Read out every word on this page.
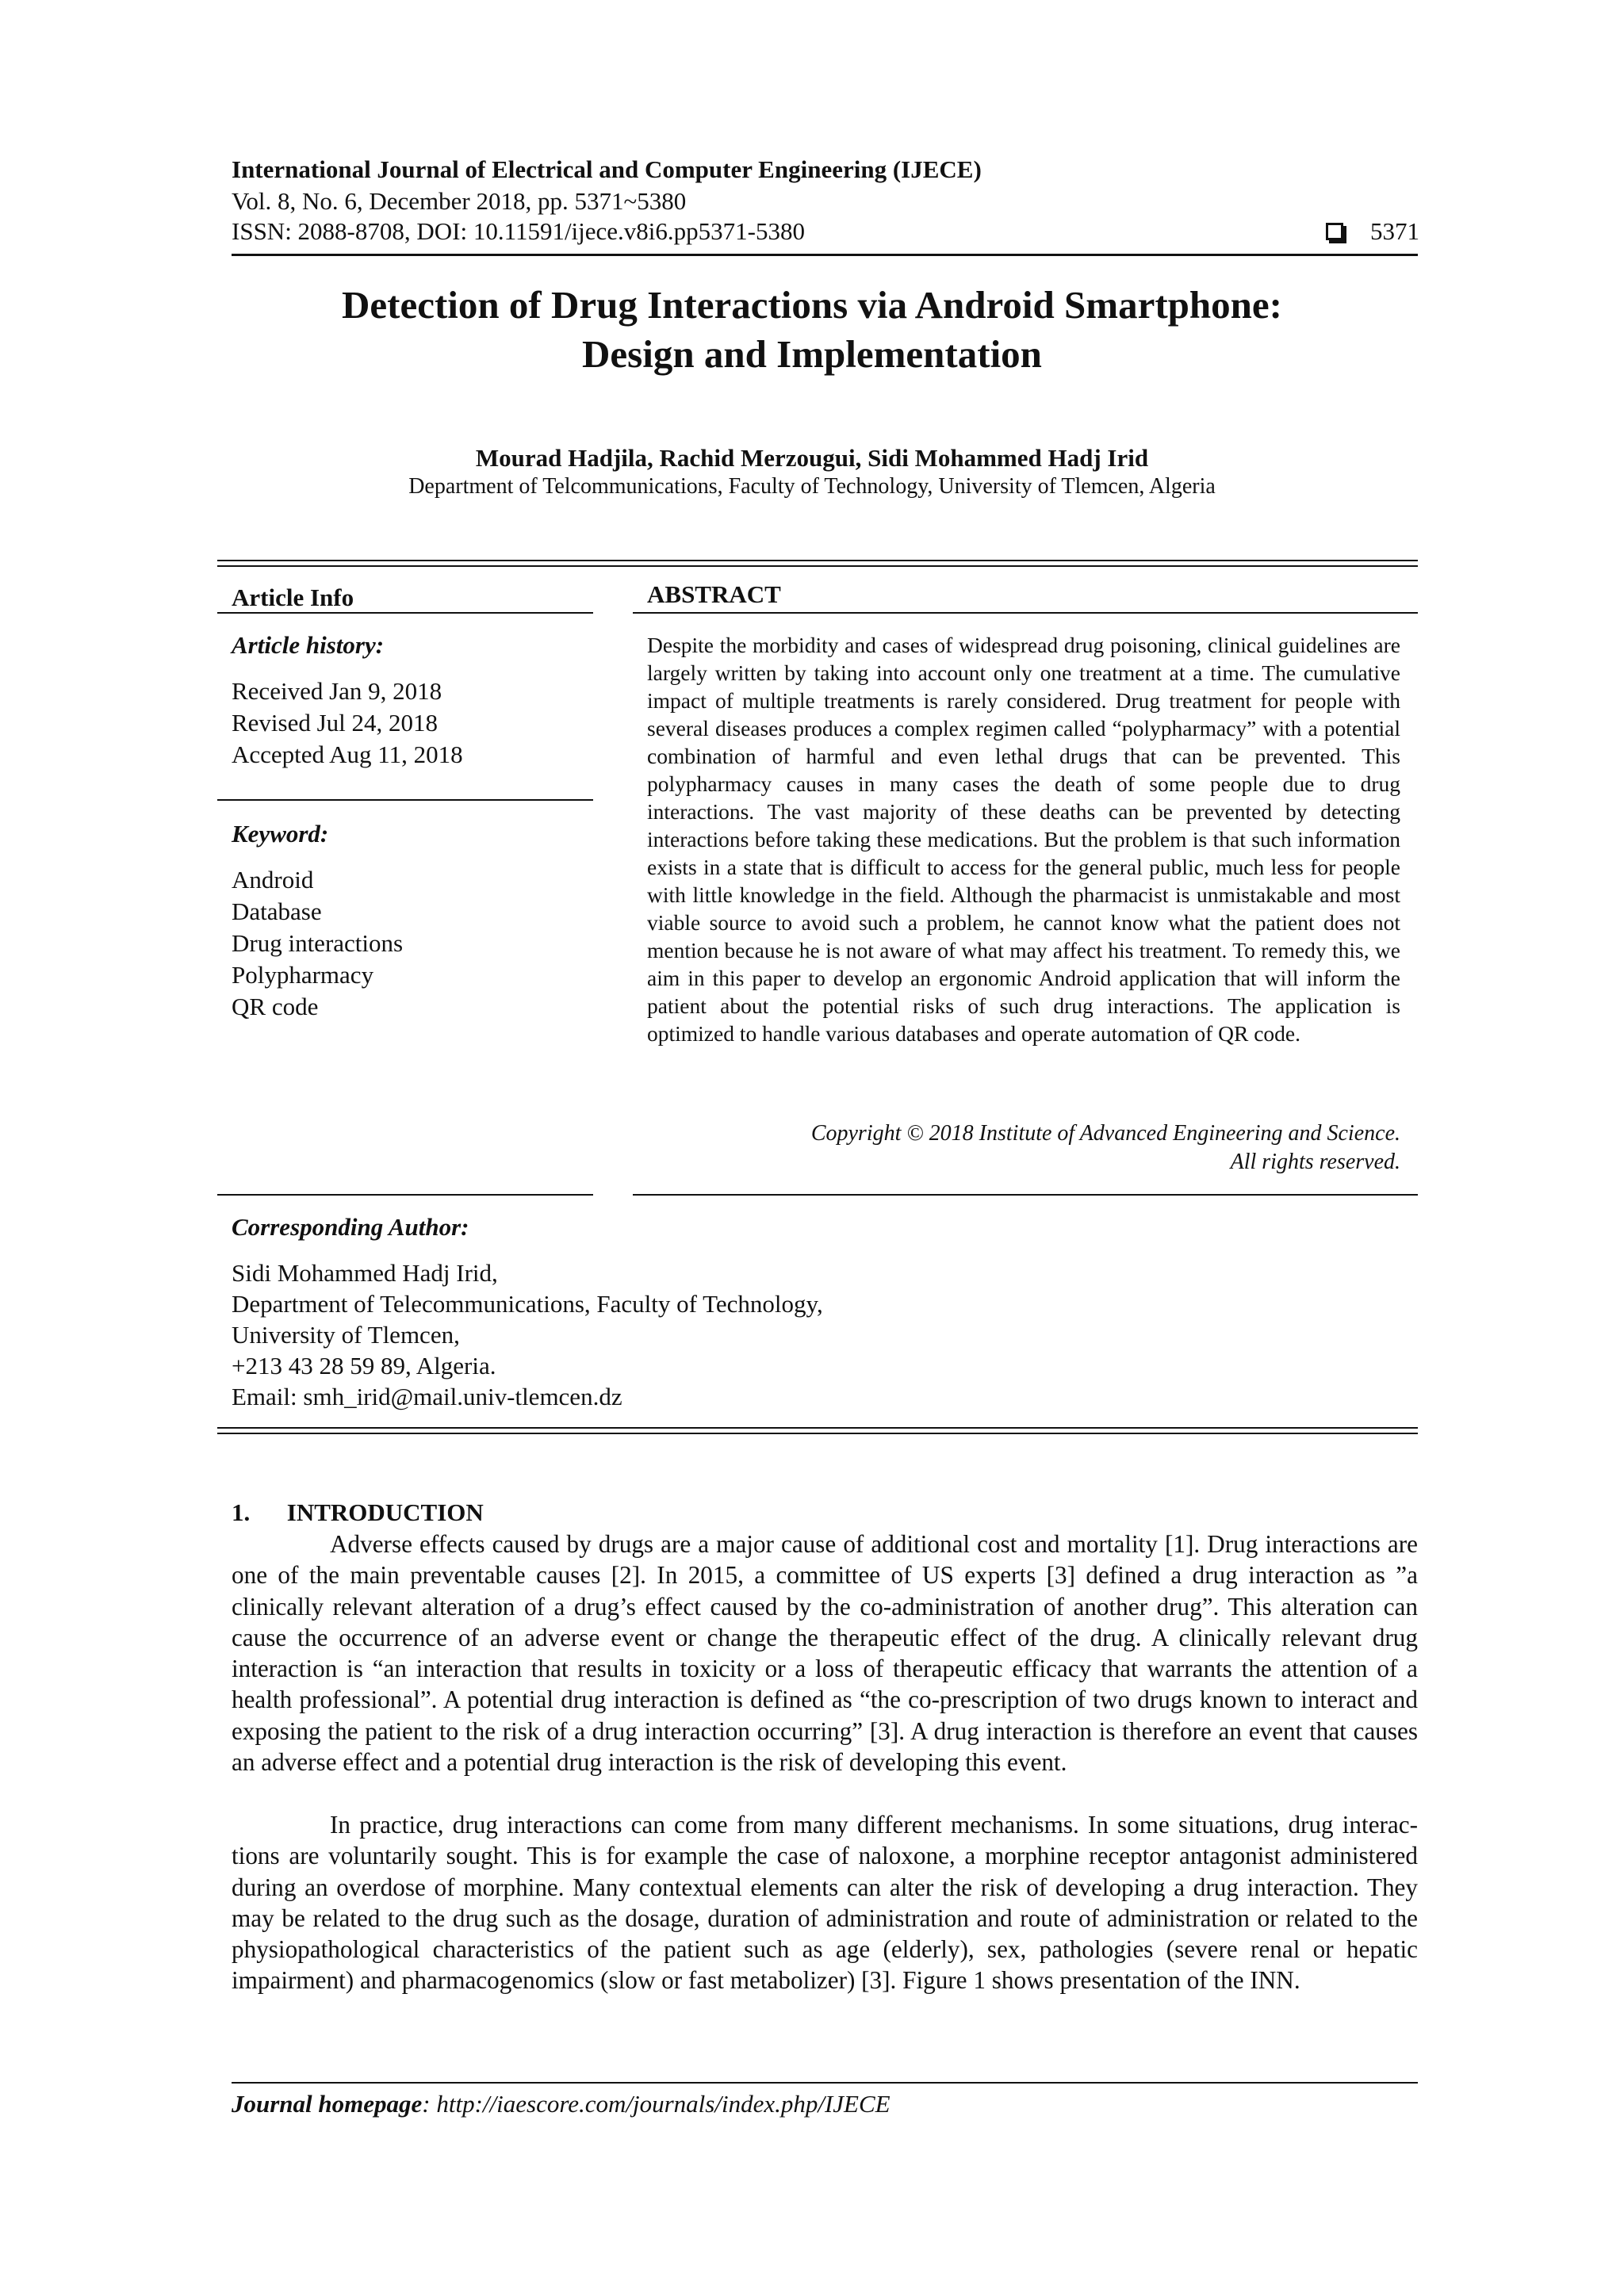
International Journal of Electrical and Computer Engineering (IJECE)
Vol. 8, No. 6, December 2018, pp. 5371~5380
ISSN: 2088-8708, DOI: 10.11591/ijece.v8i6.pp5371-5380	5371
Detection of Drug Interactions via Android Smartphone:
Design and Implementation
Mourad Hadjila, Rachid Merzougui, Sidi Mohammed Hadj Irid
Department of Telcommunications, Faculty of Technology, University of Tlemcen, Algeria
Article Info
Article history:
Received Jan 9, 2018
Revised Jul 24, 2018
Accepted Aug 11, 2018
Keyword:
Android
Database
Drug interactions
Polypharmacy
QR code
ABSTRACT

Despite the morbidity and cases of widespread drug poisoning, clinical guidelines are largely written by taking into account only one treatment at a time. The cumulative impact of multiple treatments is rarely considered. Drug treatment for people with several diseases produces a complex regimen called “polypharmacy” with a potential combination of harmful and even lethal drugs that can be prevented. This polypharmacy causes in many cases the death of some people due to drug interactions. The vast majority of these deaths can be prevented by detecting interactions before taking these medications. But the problem is that such information exists in a state that is difficult to access for the general public, much less for people with little knowledge in the field. Although the pharmacist is unmistakable and most viable source to avoid such a problem, he cannot know what the patient does not mention because he is not aware of what may affect his treatment. To remedy this, we aim in this paper to develop an ergonomic Android application that will inform the patient about the potential risks of such drug interactions. The application is optimized to handle various databases and operate automation of QR code.

Copyright © 2018 Institute of Advanced Engineering and Science.
All rights reserved.
Corresponding Author:
Sidi Mohammed Hadj Irid,
Department of Telecommunications, Faculty of Technology,
University of Tlemcen,
+213 43 28 59 89, Algeria.
Email: smh_irid@mail.univ-tlemcen.dz
1.      INTRODUCTION

Adverse effects caused by drugs are a major cause of additional cost and mortality [1]. Drug interactions are one of the main preventable causes [2]. In 2015, a committee of US experts [3] defined a drug interaction as ”a clinically relevant alteration of a drug’s effect caused by the co-administration of another drug”. This alteration can cause the occurrence of an adverse event or change the therapeutic effect of the drug. A clinically relevant drug interaction is “an interaction that results in toxicity or a loss of therapeutic efficacy that warrants the attention of a health professional”. A potential drug interaction is defined as “the co-prescription of two drugs known to interact and exposing the patient to the risk of a drug interaction occurring” [3]. A drug interaction is therefore an event that causes an adverse effect and a potential drug interaction is the risk of developing this event.

In practice, drug interactions can come from many different mechanisms. In some situations, drug interac- tions are voluntarily sought. This is for example the case of naloxone, a morphine receptor antagonist administered during an overdose of morphine. Many contextual elements can alter the risk of developing a drug interaction. They may be related to the drug such as the dosage, duration of administration and route of administration or related to the physiopathological characteristics of the patient such as age (elderly), sex, pathologies (severe renal or hepatic impairment) and pharmacogenomics (slow or fast metabolizer) [3]. Figure 1 shows presentation of the INN.

Journal homepage: http://iaescore.com/journals/index.php/IJECE
